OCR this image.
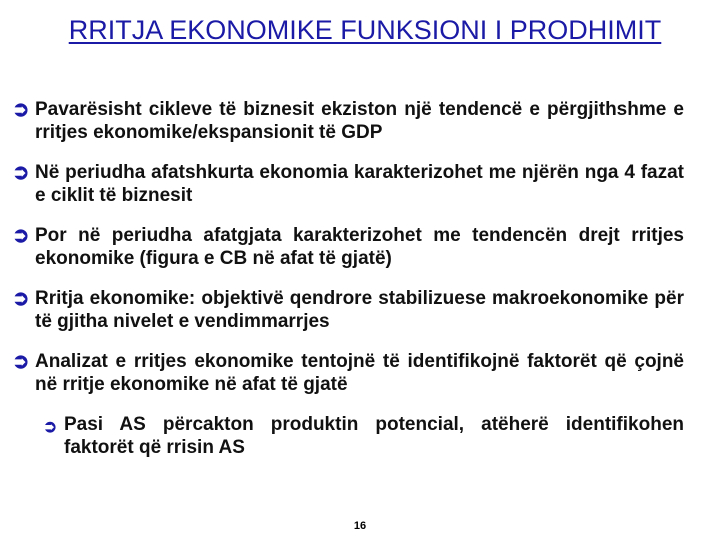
RRITJA EKONOMIKE FUNKSIONI I PRODHIMIT
➲ Pavarësisht cikleve të biznesit ekziston një tendencë e përgjithshme e rritjes ekonomike/ekspansionit të GDP
➲ Në periudha afatshkurta ekonomia karakterizohet me njërën nga 4 fazat e ciklit të biznesit
➲ Por në periudha afatgjata karakterizohet me tendencën drejt rritjes ekonomike (figura e CB në afat të gjatë)
➲ Rritja ekonomike: objektivë qendrore stabilizuese makroekonomike për të gjitha nivelet e vendimmarrjes
➲ Analizat e rritjes ekonomike tentojnë të identifikojnë faktorët që çojnë në rritje ekonomike në afat të gjatë
➲ Pasi AS përcakton produktin potencial, atëherë identifikohen faktorët që rrisin AS
16
